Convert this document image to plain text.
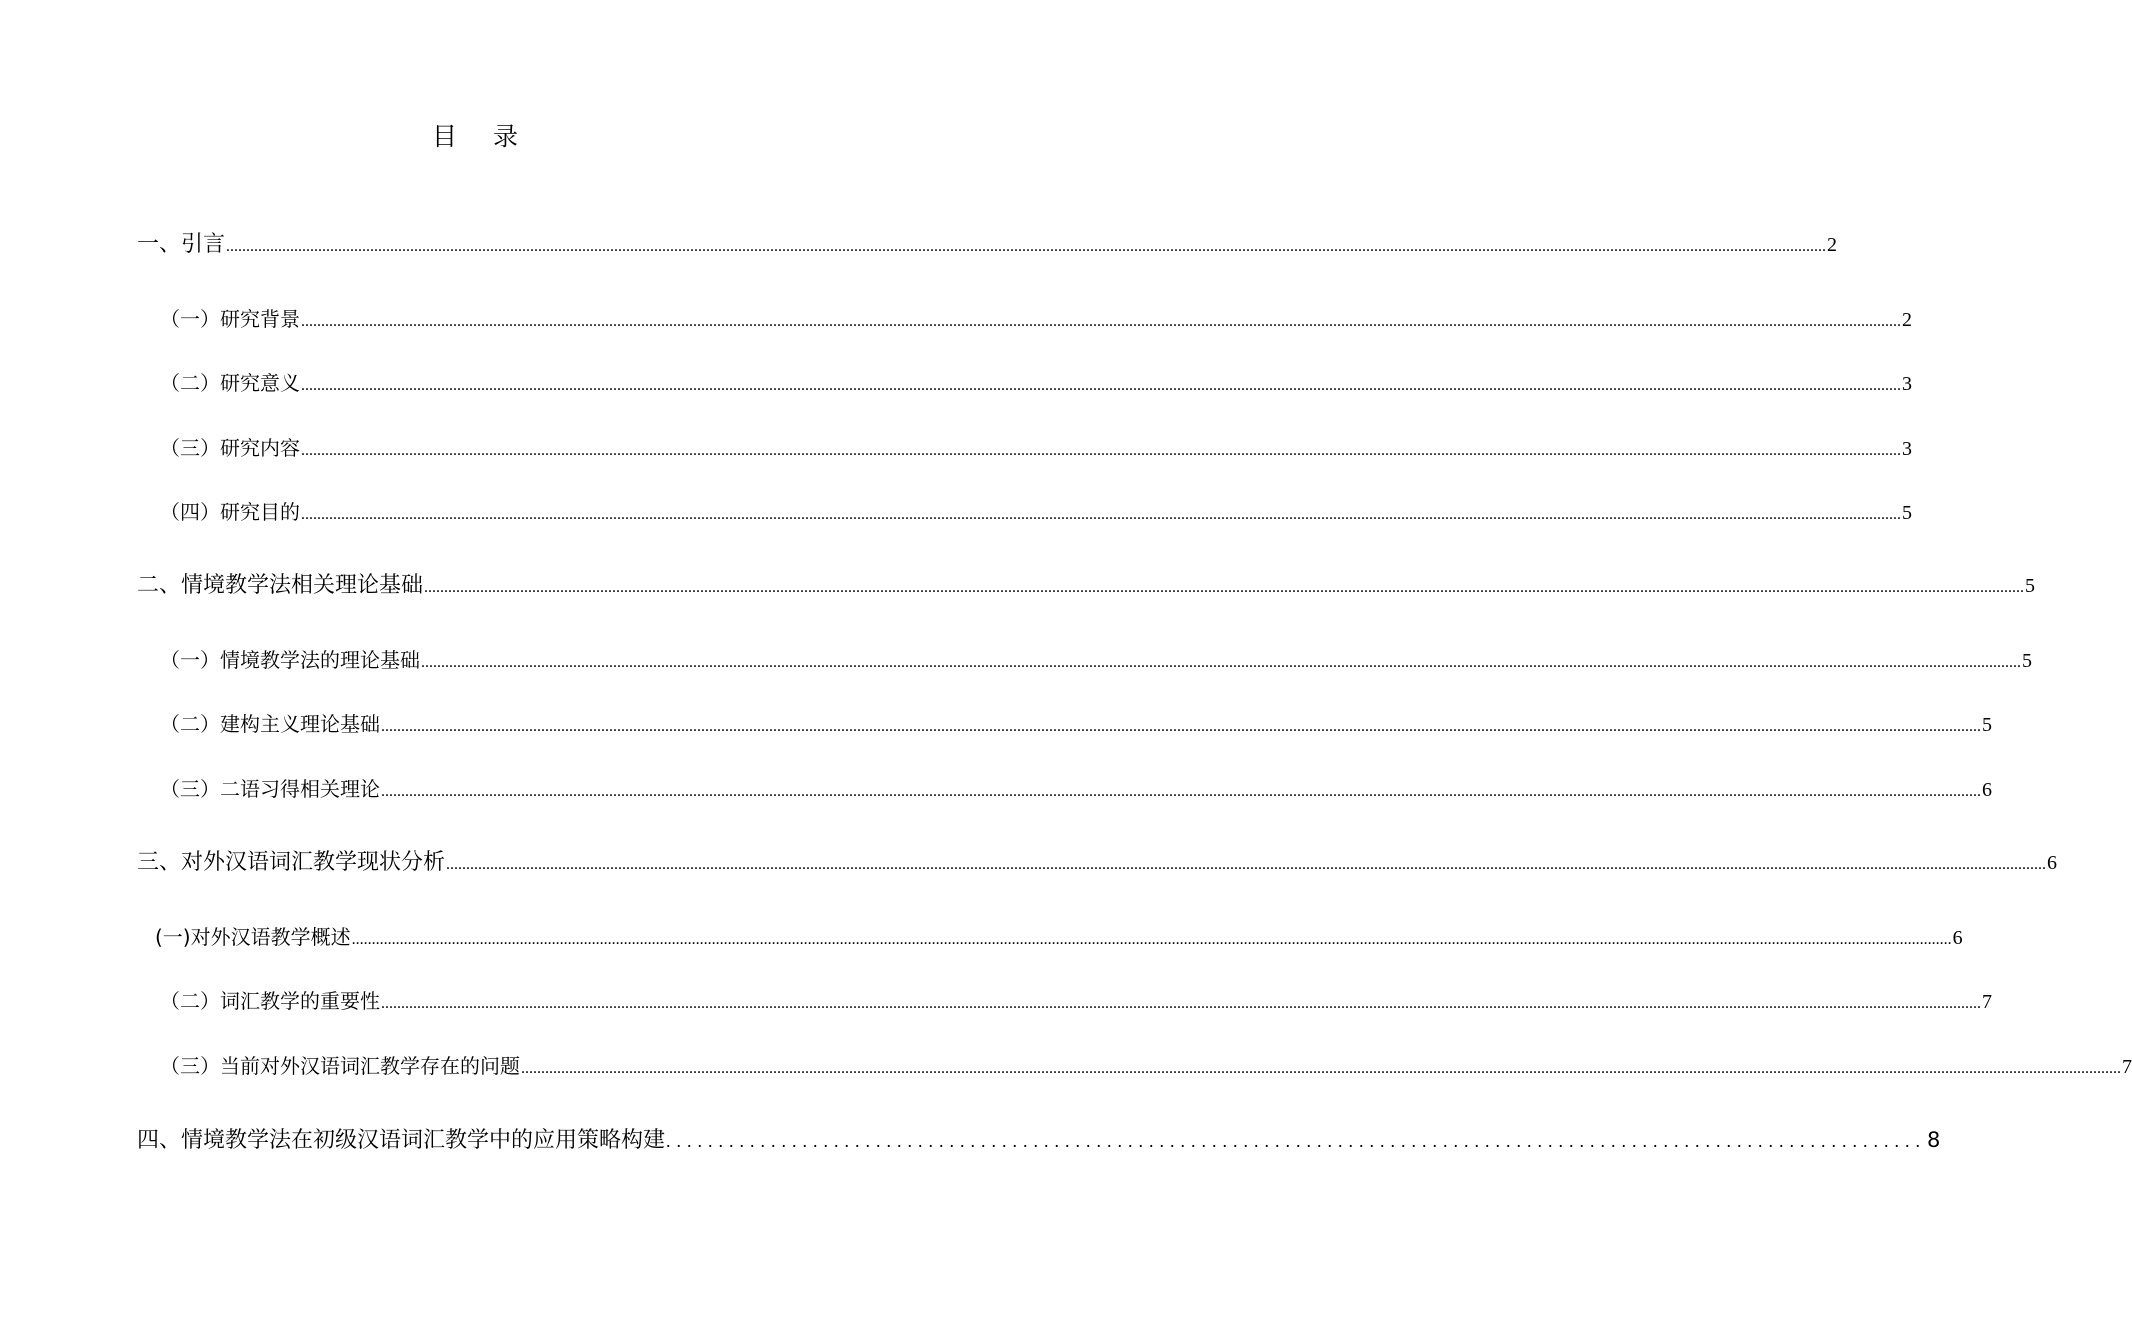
目 录
一、引言 ................................................................................................................................................................................................................................................................................................................................................................................................................ 2
（一）研究背景 ................................................................................................................................................................................................................................................................................................................................................................................................................ 2
（二）研究意义 ................................................................................................................................................................................................................................................................................................................................................................................................................ 3
（三）研究内容 ................................................................................................................................................................................................................................................................................................................................................................................................................ 3
（四）研究目的 ................................................................................................................................................................................................................................................................................................................................................................................................................ 5
二、情境教学法相关理论基础 ................................................................................................................................................................................................................................................................................................................................................................................................................ 5
（一）情境教学法的理论基础 ................................................................................................................................................................................................................................................................................................................................................................................................................ 5
（二）建构主义理论基础 ................................................................................................................................................................................................................................................................................................................................................................................................................ 5
（三）二语习得相关理论 ................................................................................................................................................................................................................................................................................................................................................................................................................ 6
三、对外汉语词汇教学现状分析 ................................................................................................................................................................................................................................................................................................................................................................................................................ 6
(一)对外汉语教学概述 ................................................................................................................................................................................................................................................................................................................................................................................................................ 6
（二）词汇教学的重要性 ................................................................................................................................................................................................................................................................................................................................................................................................................ 7
（三）当前对外汉语词汇教学存在的问题 ................................................................................................................................................................................................................................................................................................................................................................................................................ 7
四、情境教学法在初级汉语词汇教学中的应用策略构建 ........................................................................................................................ 8
